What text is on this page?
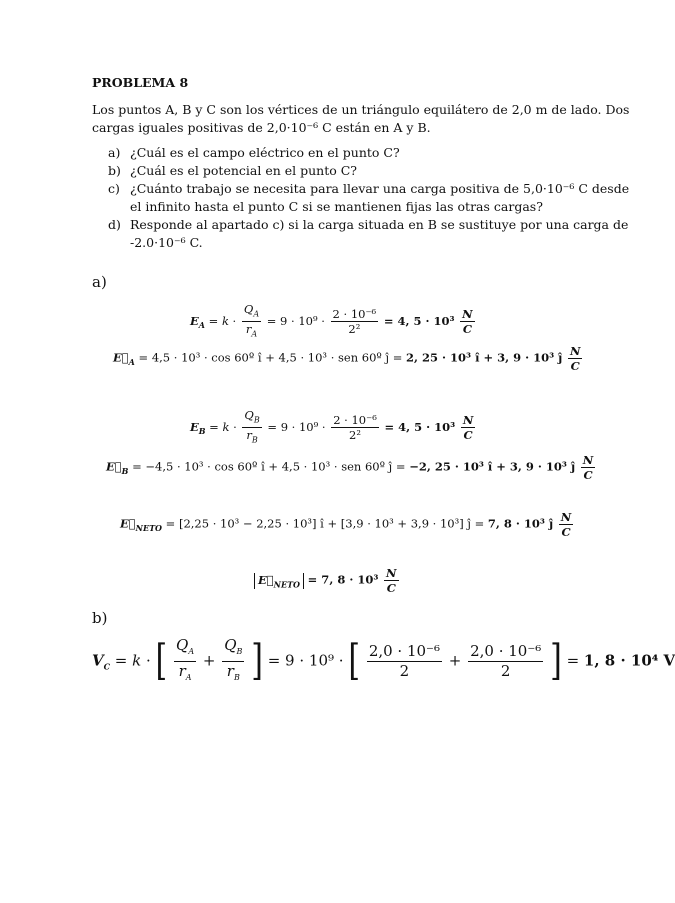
PROBLEMA 8
Los puntos A, B y C son los vértices de un triángulo equilátero de 2,0 m de lado. Dos
cargas iguales positivas de 2,0·10⁻⁶ C están en A y B.
a) ¿Cuál es el campo eléctrico en el punto C?
b) ¿Cuál es el potencial en el punto C?
c) ¿Cuánto trabajo se necesita para llevar una carga positiva de 5,0·10⁻⁶ C desde
el infinito hasta el punto C si se mantienen fijas las otras cargas?
d) Responde al apartado c) si la carga situada en B se sustituye por una carga de
-2.0·10⁻⁶ C.
a)
$E_A = k \cdot \frac{Q_A}{r_A} = 9 \cdot 10^9 \cdot \frac{\text{2 · 10⁻⁶}}{\text{2²}} = 4$, $5 \cdot 10^3 \frac{N}{C}$
$E⃗_A = 4,5 \cdot 10^3 \cdot \cos$ 60º î + 4,5 · 10³ · sen 60º ĵ = 2, 25 · 10³ î + 3, 9 · 10³ ĵ $\frac{N}{C}$
$E_B = k \cdot \frac{Q_B}{r_B} = 9 \cdot 10^9 \cdot \frac{\text{2 · 10⁻⁶}}{\text{2²}} = 4$, $5 \cdot 10^3 \frac{N}{C}$
$E⃗_B = -4,5 \cdot 10^3 \cdot \cos$ 60º î + 4,5 · 10³ · sen 60º ĵ = −2, 25 · 10³ î + 3, 9 · 10³ ĵ $\frac{N}{C}$
$E⃗_{NETO} = [2,25 \cdot 10^3 - 2,25 \cdot 10^3]$ î + [3,9 · 10³ + 3,9 · 10³] ĵ = 7, 8 · 10³ ĵ $\frac{N}{C}$
$E⃗_{NETO} = 7$, $8 \cdot 10^3 \frac{N}{C}$
b)
$V_C = k$ · [ $\frac{Q_A}{r_A} + \frac{Q_B}{r_B}$ ] = 9 · 10⁹ · [ $\frac{\text{2,0 · 10⁻⁶}}{2} + \frac{\text{2,0 · 10⁻⁶}}{2}$ ] = 1, 8 · 10⁴ V
